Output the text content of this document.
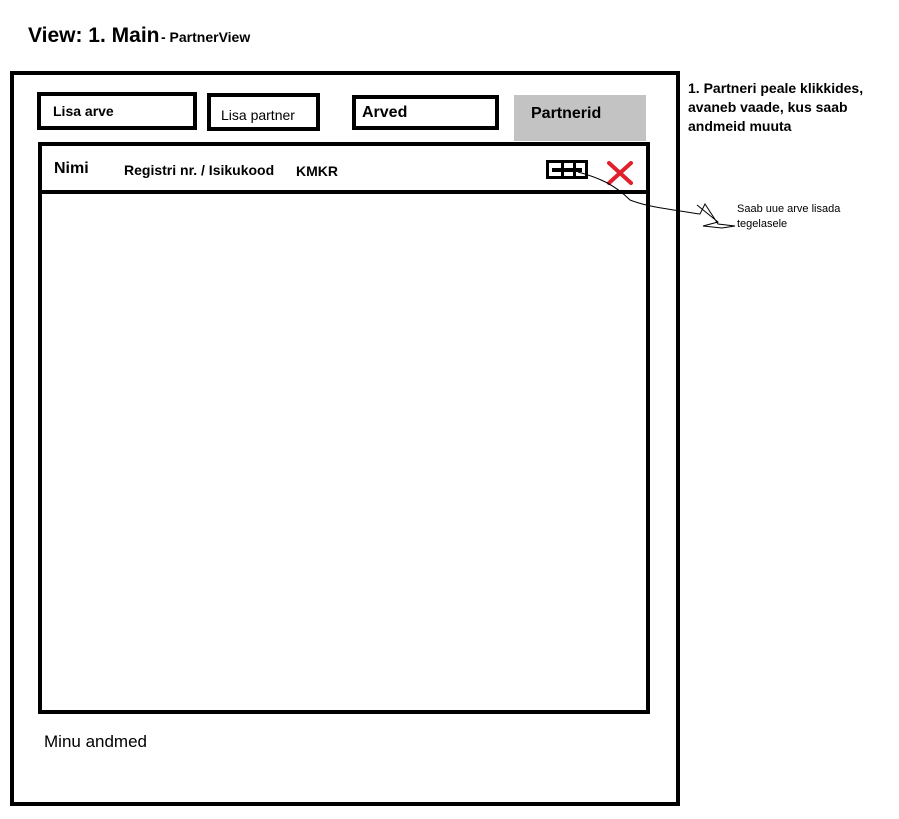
View: 1. Main - PartnerView
Lisa arve	Lisa partner	Arved	Partnerid
Nimi	Registri nr. / Isikukood KMKR
1. Partneri peale klikkides, avaneb vaade, kus saab andmeid muuta
Saab uue arve lisada tegelasele
Minu andmed
